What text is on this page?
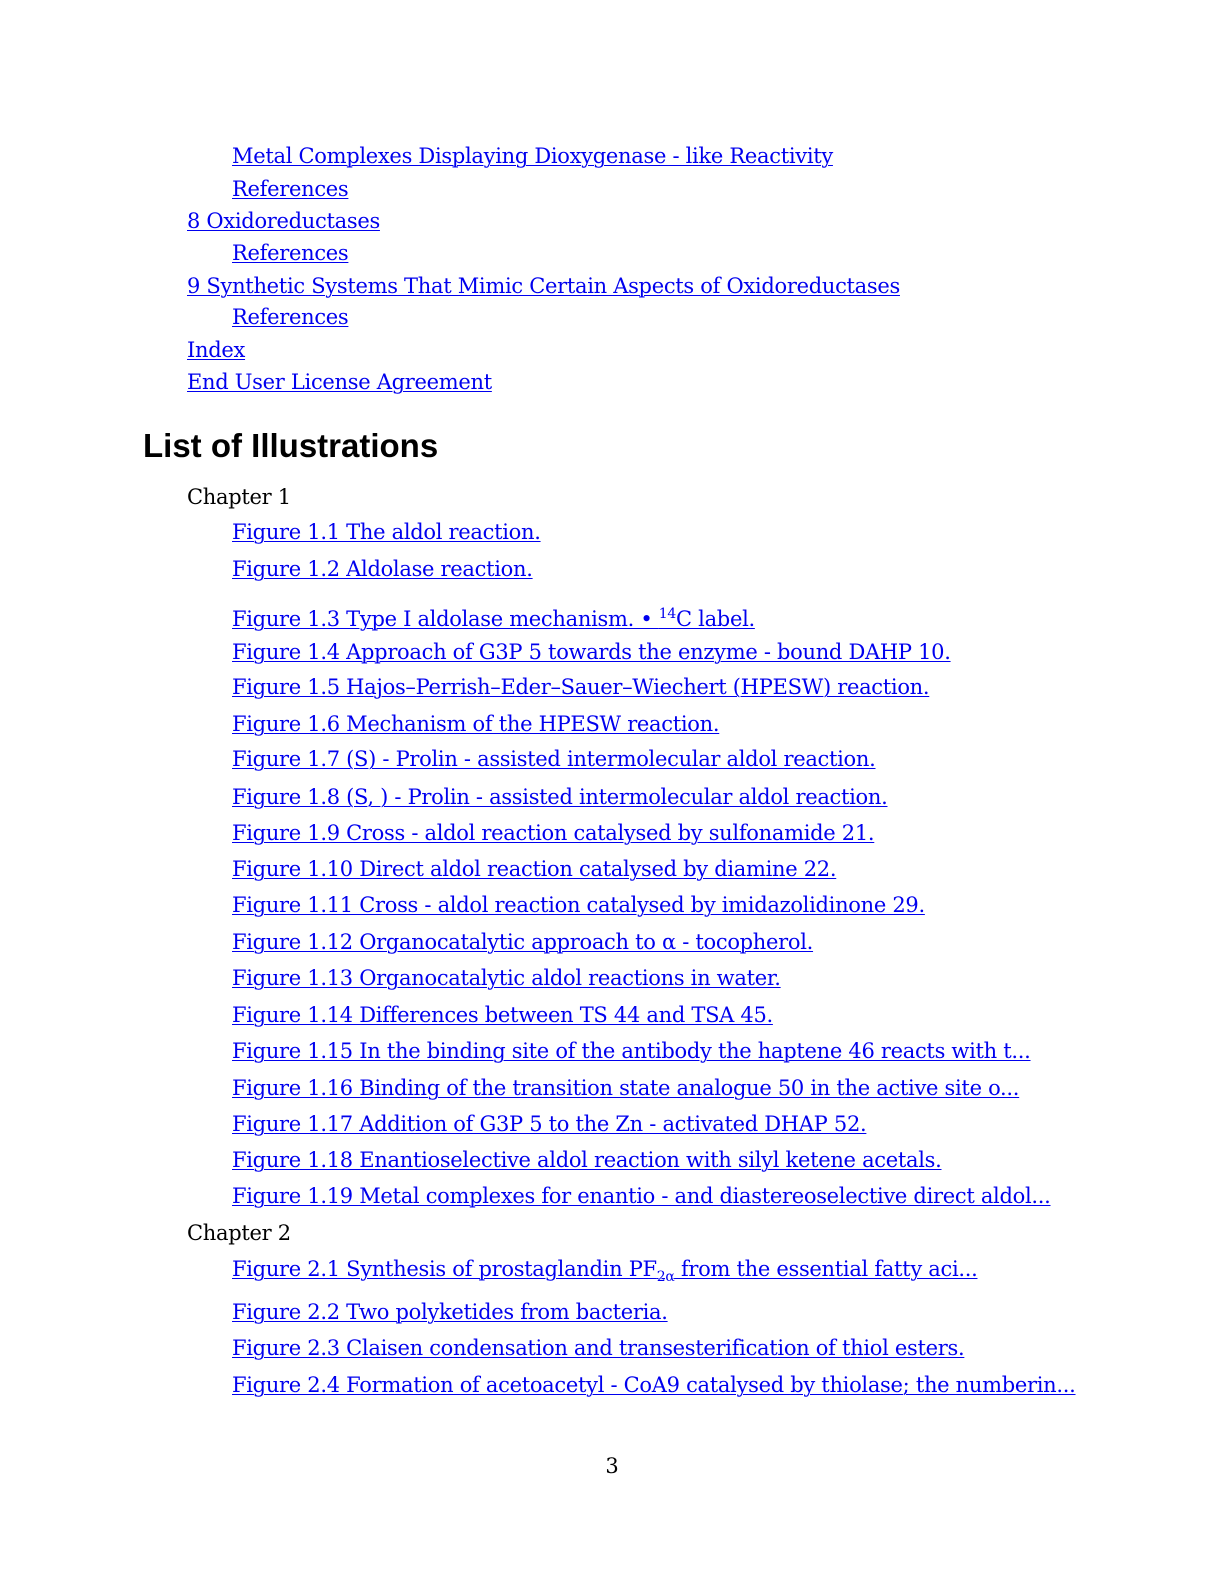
Metal Complexes Displaying Dioxygenase - like Reactivity
References
8 Oxidoreductases
References
9 Synthetic Systems That Mimic Certain Aspects of Oxidoreductases
References
Index
End User License Agreement
List of Illustrations
Chapter 1
Figure 1.1 The aldol reaction.
Figure 1.2 Aldolase reaction.
Figure 1.3 Type I aldolase mechanism. • $^{14}$C label.
Figure 1.4 Approach of G3P 5 towards the enzyme - bound DAHP 10.
Figure 1.5 Hajos–Perrish–Eder–Sauer–Wiechert (HPESW) reaction.
Figure 1.6 Mechanism of the HPESW reaction.
Figure 1.7 (S) - Prolin - assisted intermolecular aldol reaction.
Figure 1.8 (S, ) - Prolin - assisted intermolecular aldol reaction.
Figure 1.9 Cross - aldol reaction catalysed by sulfonamide 21.
Figure 1.10 Direct aldol reaction catalysed by diamine 22.
Figure 1.11 Cross - aldol reaction catalysed by imidazolidinone 29.
Figure 1.12 Organocatalytic approach to α - tocopherol.
Figure 1.13 Organocatalytic aldol reactions in water.
Figure 1.14 Differences between TS 44 and TSA 45.
Figure 1.15 In the binding site of the antibody the haptene 46 reacts with t...
Figure 1.16 Binding of the transition state analogue 50 in the active site o...
Figure 1.17 Addition of G3P 5 to the Zn - activated DHAP 52.
Figure 1.18 Enantioselective aldol reaction with silyl ketene acetals.
Figure 1.19 Metal complexes for enantio - and diastereoselective direct aldol...
Chapter 2
Figure 2.1 Synthesis of prostaglandin $PF_{2\alpha}$ from the essential fatty aci...
Figure 2.2 Two polyketides from bacteria.
Figure 2.3 Claisen condensation and transesterification of thiol esters.
Figure 2.4 Formation of acetoacetyl - CoA9 catalysed by thiolase; the numberin...
3
